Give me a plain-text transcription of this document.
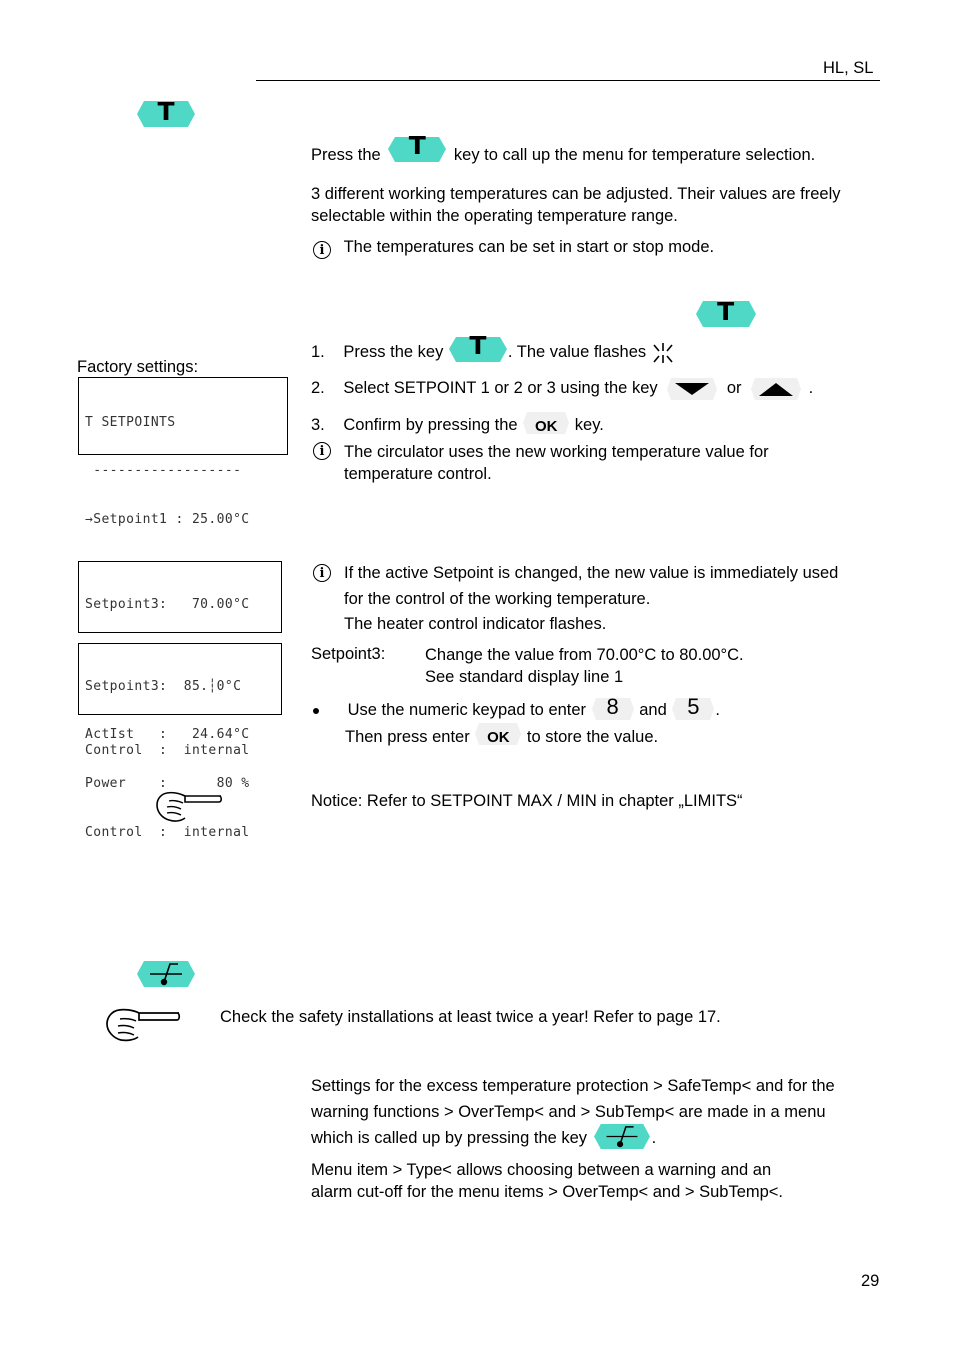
HL, SL
T

Press the	T	key to call up the menu for temperature selection.
3 different working temperatures can be adjusted. Their values are freely
selectable within the operating temperature range.
i The temperatures can be set in start or stop mode.
T
Factory settings:

T SETPOINTS

------------------

→Setpoint1 : 25.00°C

1. Press the key	T	. The value flashes
2. Select SETPOINT 1 or 2 or 3 using the key	or	.
3. Confirm by pressing the	OK	key.
i	The circulator uses the new working temperature value for
temperature control.

Setpoint3:   70.00°C

Control  :  internal

Setpoint3:  85.┆0°C

ActIst   :   24.64°C

Power    :      80 %

Control  :  internal

i	If the active Setpoint is changed, the new value is immediately used
for the control of the working temperature.
The heater control indicator flashes.
Setpoint3: Change the value from 70.00°C to 80.00°C.
See standard display line 1
Use the numeric keypad to enter 8	and 5 .
Then press enter	OK	to store the value.
Notice: Refer to SETPOINT MAX / MIN in chapter „LIMITS“
Check the safety installations at least twice a year! Refer to page 17.
Settings for the excess temperature protection > SafeTemp< and for the
warning functions > OverTemp< and > SubTemp< are made in a menu
which is called up by pressing the key	.
Menu item > Type< allows choosing between a warning and an
alarm cut-off for the menu items > OverTemp< and > SubTemp<.
29
